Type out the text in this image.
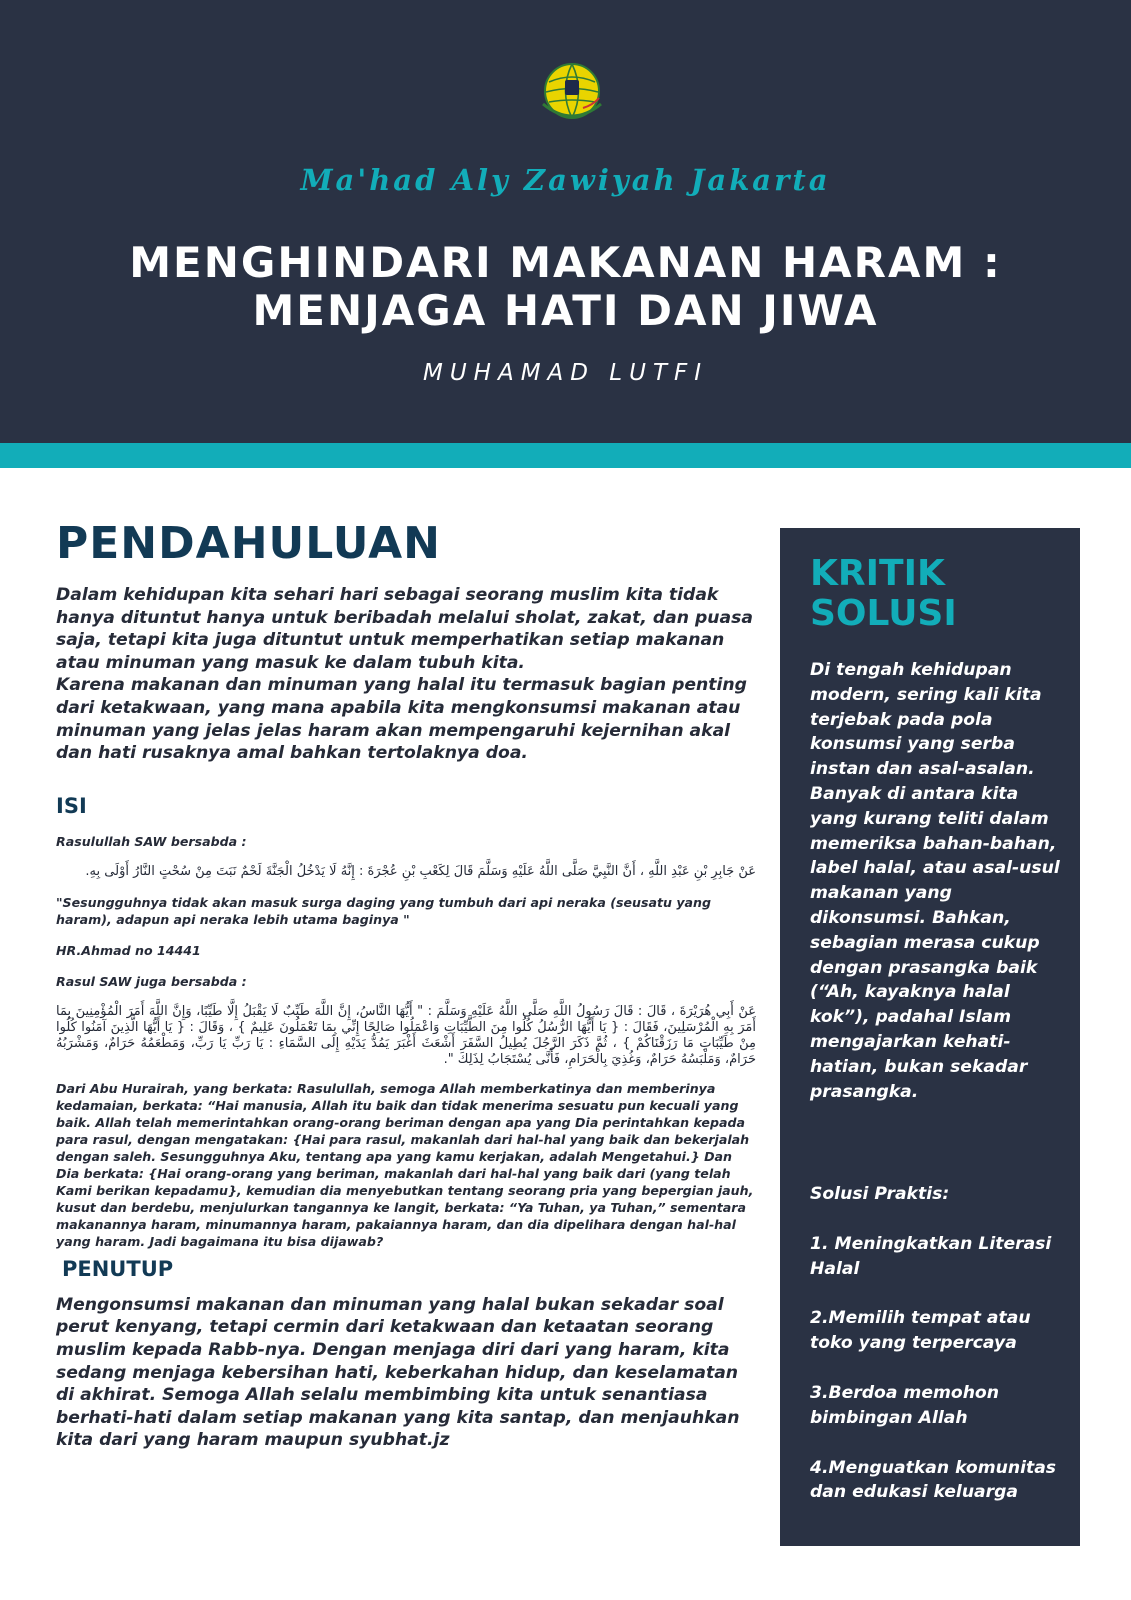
Ma'had Aly Zawiyah Jakarta
MENGHINDARI MAKANAN HARAM :
MENJAGA HATI DAN JIWA
MUHAMAD LUTFI
PENDAHULUAN

Dalam kehidupan kita sehari hari sebagai seorang muslim kita tidak hanya dituntut hanya untuk beribadah melalui sholat, zakat, dan puasa saja, tetapi kita juga dituntut untuk memperhatikan setiap makanan atau minuman yang masuk ke dalam tubuh kita.
Karena makanan dan minuman yang halal itu termasuk bagian penting dari ketakwaan, yang mana apabila kita mengkonsumsi makanan atau minuman yang jelas jelas haram akan mempengaruhi kejernihan akal dan hati rusaknya amal bahkan tertolaknya doa.

ISI

Rasulullah SAW bersabda :

عَنْ جَابِرِ بْنِ عَبْدِ اللَّهِ ، أَنَّ النَّبِيَّ صَلَّى اللَّهُ عَلَيْهِ وَسَلَّمَ قَالَ لِكَعْبِ بْنِ عُجْرَةَ : إِنَّهُ لَا يَدْخُلُ الْجَنَّةَ لَحْمٌ نَبَتَ مِنْ سُحْتٍ النَّارُ أَوْلَى بِهِ.

"Sesungguhnya tidak akan masuk surga daging yang tumbuh dari api neraka (seusatu yang haram), adapun api neraka lebih utama baginya "

HR.Ahmad no 14441

Rasul SAW juga bersabda :

عَنْ أَبِي هُرَيْرَةَ ، قَالَ : قَالَ رَسُولُ اللَّهِ صَلَّى اللَّهُ عَلَيْهِ وَسَلَّمَ : " أَيُّهَا النَّاسُ، إِنَّ اللَّهَ طَيِّبٌ لَا يَقْبَلُ إِلَّا طَيِّبًا، وَإِنَّ اللَّهَ أَمَرَ الْمُؤْمِنِينَ بِمَا أَمَرَ بِهِ الْمُرْسَلِينَ، فَقَالَ : { يَا أَيُّهَا الرُّسُلُ كُلُوا مِنَ الطَّيِّبَاتِ وَاعْمَلُوا صَالِحًا إِنِّي بِمَا تَعْمَلُونَ عَلِيمٌ } ، وَقَالَ : { يَا أَيُّهَا الَّذِينَ آمَنُوا كُلُوا مِنْ طَيِّبَاتِ مَا رَزَقْنَاكُمْ } ، ثُمَّ ذَكَرَ الرَّجُلَ يُطِيلُ السَّفَرَ أَشْعَثَ أَغْبَرَ يَمُدُّ يَدَيْهِ إِلَى السَّمَاءِ : يَا رَبِّ يَا رَبِّ، وَمَطْعَمُهُ حَرَامٌ، وَمَشْرَبُهُ حَرَامٌ، وَمَلْبَسُهُ حَرَامٌ، وَغُذِيَ بِالْحَرَامِ، فَأَنَّى يُسْتَجَابُ لِذَلِكَ ".

Dari Abu Hurairah, yang berkata: Rasulullah, semoga Allah memberkatinya dan memberinya kedamaian, berkata: “Hai manusia, Allah itu baik dan tidak menerima sesuatu pun kecuali yang baik. Allah telah memerintahkan orang-orang beriman dengan apa yang Dia perintahkan kepada para rasul, dengan mengatakan: {Hai para rasul, makanlah dari hal-hal yang baik dan bekerjalah dengan saleh. Sesungguhnya Aku, tentang apa yang kamu kerjakan, adalah Mengetahui.} Dan Dia berkata: {Hai orang-orang yang beriman, makanlah dari hal-hal yang baik dari (yang telah Kami berikan kepadamu}, kemudian dia menyebutkan tentang seorang pria yang bepergian jauh, kusut dan berdebu, menjulurkan tangannya ke langit, berkata: “Ya Tuhan, ya Tuhan,” sementara makanannya haram, minumannya haram, pakaiannya haram, dan dia dipelihara dengan hal-hal yang haram. Jadi bagaimana itu bisa dijawab?

PENUTUP

Mengonsumsi makanan dan minuman yang halal bukan sekadar soal perut kenyang, tetapi cermin dari ketakwaan dan ketaatan seorang muslim kepada Rabb-nya. Dengan menjaga diri dari yang haram, kita sedang menjaga kebersihan hati, keberkahan hidup, dan keselamatan di akhirat. Semoga Allah selalu membimbing kita untuk senantiasa berhati-hati dalam setiap makanan yang kita santap, dan menjauhkan kita dari yang haram maupun syubhat.jz

KRITIK
SOLUSI

Di tengah kehidupan modern, sering kali kita terjebak pada pola konsumsi yang serba instan dan asal-asalan. Banyak di antara kita yang kurang teliti dalam memeriksa bahan-bahan, label halal, atau asal-usul makanan yang dikonsumsi. Bahkan, sebagian merasa cukup dengan prasangka baik (“Ah, kayaknya halal kok”), padahal Islam mengajarkan kehati-hatian, bukan sekadar prasangka.

Solusi Praktis:

1. Meningkatkan Literasi Halal

2.Memilih tempat atau toko yang terpercaya

3.Berdoa memohon bimbingan Allah

4.Menguatkan komunitas dan edukasi keluarga
